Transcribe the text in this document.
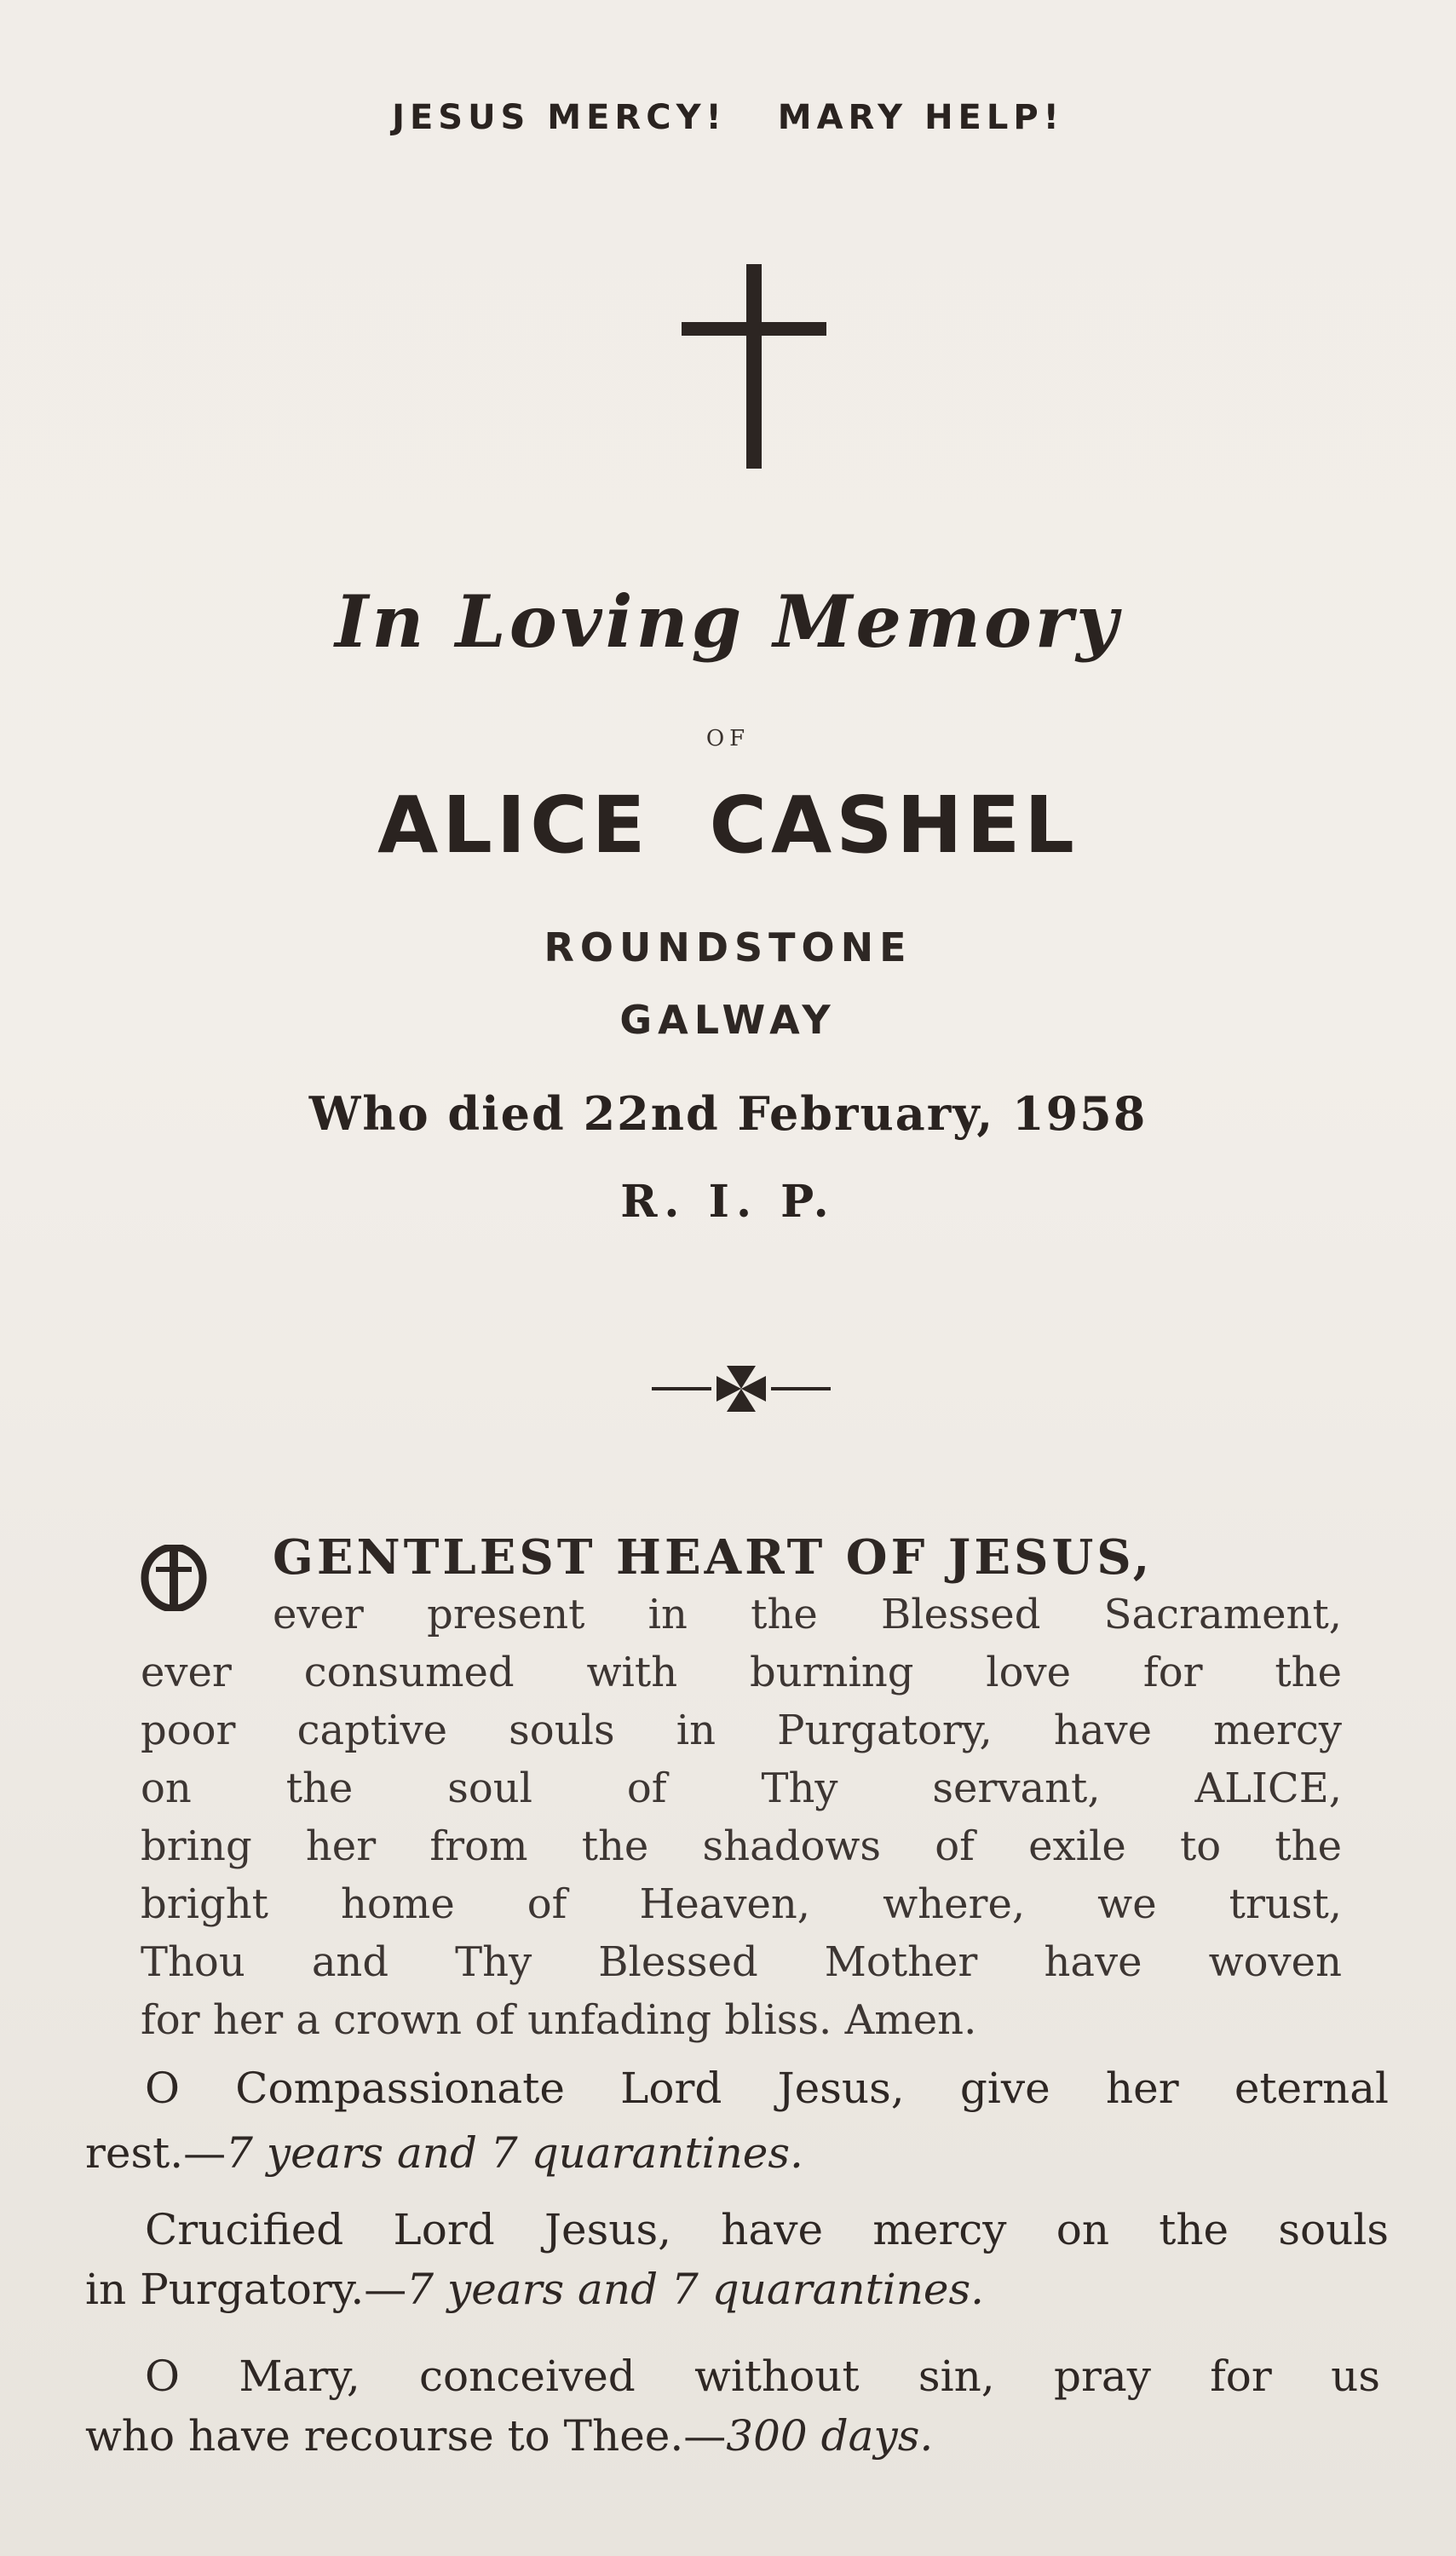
JESUS MERCY! MARY HELP!
In Loving Memory
OF
ALICE CASHEL
ROUNDSTONE
GALWAY
Who died 22nd February, 1958
R. I. P.
GENTLEST HEART OF JESUS,
ever present in the Blessed Sacrament,
ever consumed with burning love for the
poor captive souls in Purgatory, have mercy
on the soul of Thy servant, ALICE,
bring her from the shadows of exile to the
bright home of Heaven, where, we trust,
Thou and Thy Blessed Mother have woven
for her a crown of unfading bliss. Amen.
O Compassionate Lord Jesus, give her eternal
rest.—7 years and 7 quarantines.
Crucified Lord Jesus, have mercy on the souls
in Purgatory.—7 years and 7 quarantines.
O Mary, conceived without sin, pray for us
who have recourse to Thee.—300 days.
